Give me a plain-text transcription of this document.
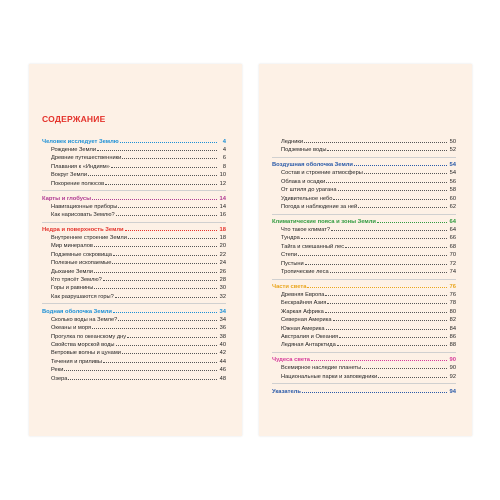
СОДЕРЖАНИЕ
Человек исследует Землю	4
Рождение Земли	4
Древние путешественники	6
Плавания к «Индиям»	8
Вокруг Земли	10
Покорение полюсов	12
Карты и глобусы	14
Навигационные приборы	14
Как нарисовать Землю?	16
Недра и поверхность Земли	18
Внутреннее строение Земли	18
Мир минералов	20
Подземные сокровища	22
Полезные ископаемые	24
Дыхание Земли	26
Кто трясёт Землю?	28
Горы и равнины	30
Как разрушаются горы?	32
Водная оболочка Земли	34
Сколько воды на Земле?	34
Океаны и моря	36
Прогулка по океанскому дну	38
Свойства морской воды	40
Ветровые волны и цунами	42
Течения и приливы	44
Реки	46
Озера	48
Ледники	50
Подземные воды	52
Воздушная оболочка Земли	54
Состав и строение атмосферы	54
Облака и осадки	56
От штиля до урагана	58
Удивительное небо	60
Погода и наблюдение за ней	62
Климатические пояса и зоны Земли	64
Что такое климат?	64
Тундра	66
Тайга и смешанный лес	68
Степи	70
Пустыни	72
Тропические леса	74
Части света	76
Древняя Европа	76
Бескрайняя Азия	78
Жаркая Африка	80
Северная Америка	82
Южная Америка	84
Австралия и Океания	86
Ледяная Антарктида	88
Чудеса света	90
Всемирное наследие планеты	90
Национальные парки и заповедники	92
Указатель	94
